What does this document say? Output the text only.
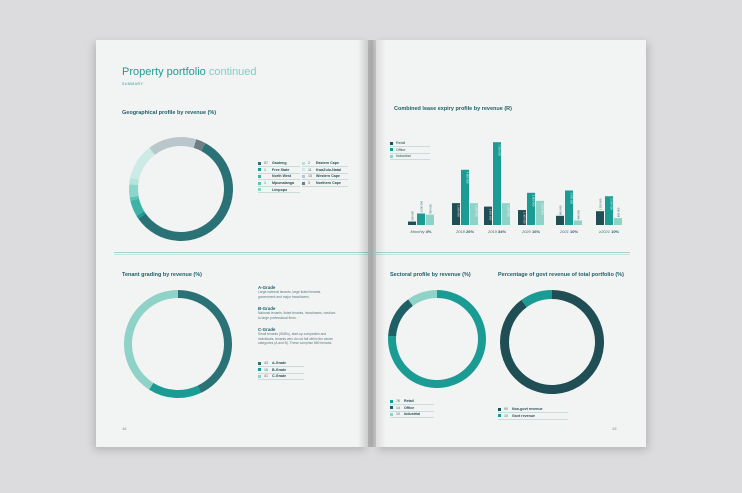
Property portfolio continued
SUMMARY
Geographical profile by revenue (%)
57	Gauteng
1	Free State
North West
1	Mpumalanga
Limpopo
2	Eastern Cape
11	KwaZulu-Natal
15	Western Cape
3	Northern Cape
Tenant grading by revenue (%)
A-Grade
Large national tenants, large listed tenants, government and major franchisees.
B-Grade
National tenants, listed tenants, franchisees, medium to large professional firms.
C-Grade
Small tenants (SMEs), start-up companies and individuals, tenants who do not fall within the above categories (A and B). These comprise 860 tenants.
43	A-Grade
16	B-Grade
41	C-Grade
16
Combined lease expiry profile by revenue (R)
Retail
Office
Industrial
500 000
1 000 000	900 000
Monthly 4%
1 900 000
4 800 000
1 900 000
2018 26%
1 600 000
7 200 000
1 900 000
2019 34%
1 300 000
2 800 000
2 100 000
2020 16%
800 000
3 000 000
400 000
2021 10%
1 200 000	2 500 000
600 000
≥2021 10%
Sectoral profile by revenue (%)	Percentage of govt revenue of total portfolio (%)
76	Retail
14	Office
10	Industrial
90	Non-govt revenue
10	Govt revenue
19
